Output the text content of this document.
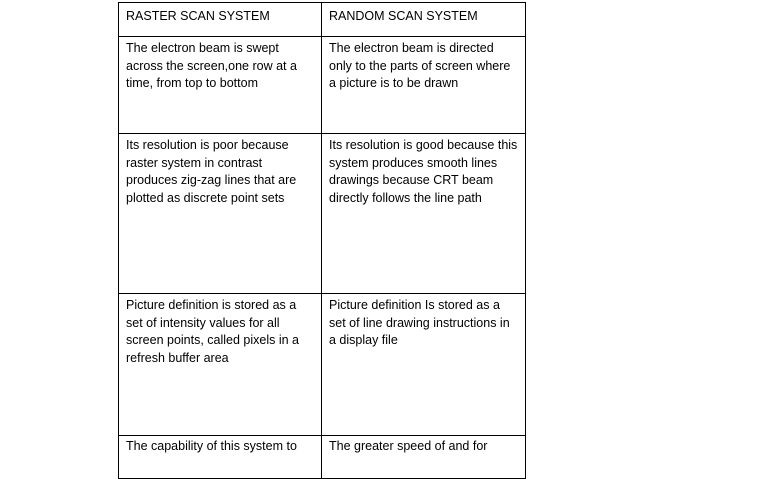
RASTER SCAN SYSTEM	RANDOM SCAN SYSTEM

The electron beam is swept across the screen,one row at a time, from top to bottom	The electron beam is directed only to the parts of screen where a picture is to be drawn

Its resolution is poor because raster system in contrast produces zig-zag lines that are plotted as discrete point sets	Its resolution is good because this system produces smooth lines drawings because CRT beam directly follows the line path

Picture definition is stored as a set of intensity values for all screen points, called pixels in a refresh buffer area	Picture definition Is stored as a set of line drawing instructions in a display file

The capability of this system to	The greater speed of and for
